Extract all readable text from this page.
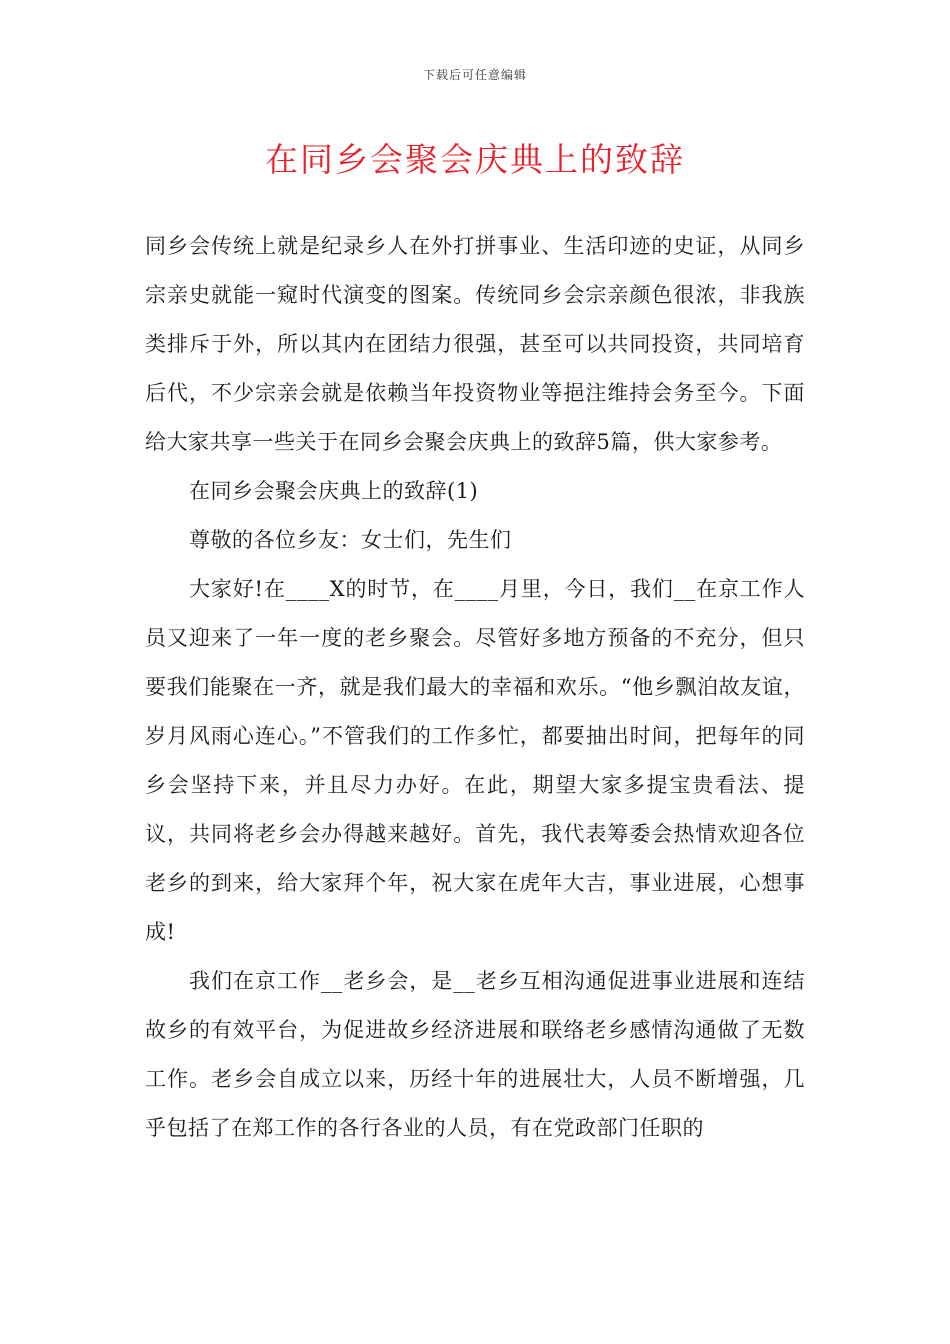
下载后可任意编辑
在同乡会聚会庆典上的致辞

同乡会传统上就是纪录乡人在外打拼事业、生活印迹的史证，从同乡宗亲史就能一窥时代演变的图案。传统同乡会宗亲颜色很浓，非我族类排斥于外，所以其内在团结力很强，甚至可以共同投资，共同培育后代，不少宗亲会就是依赖当年投资物业等挹注维持会务至今。下面给大家共享一些关于在同乡会聚会庆典上的致辞5篇，供大家参考。

在同乡会聚会庆典上的致辞(1)

尊敬的各位乡友：女士们，先生们

大家好!在____X的时节，在____月里，今日，我们__在京工作人员又迎来了一年一度的老乡聚会。尽管好多地方预备的不充分，但只要我们能聚在一齐，就是我们最大的幸福和欢乐。“他乡飘泊故友谊，岁月风雨心连心。”不管我们的工作多忙，都要抽出时间，把每年的同乡会坚持下来，并且尽力办好。在此，期望大家多提宝贵看法、提议，共同将老乡会办得越来越好。首先，我代表筹委会热情欢迎各位老乡的到来，给大家拜个年，祝大家在虎年大吉，事业进展，心想事成!

我们在京工作__老乡会，是__老乡互相沟通促进事业进展和连结故乡的有效平台，为促进故乡经济进展和联络老乡感情沟通做了无数工作。老乡会自成立以来，历经十年的进展壮大，人员不断增强，几乎包括了在郑工作的各行各业的人员，有在党政部门任职的
